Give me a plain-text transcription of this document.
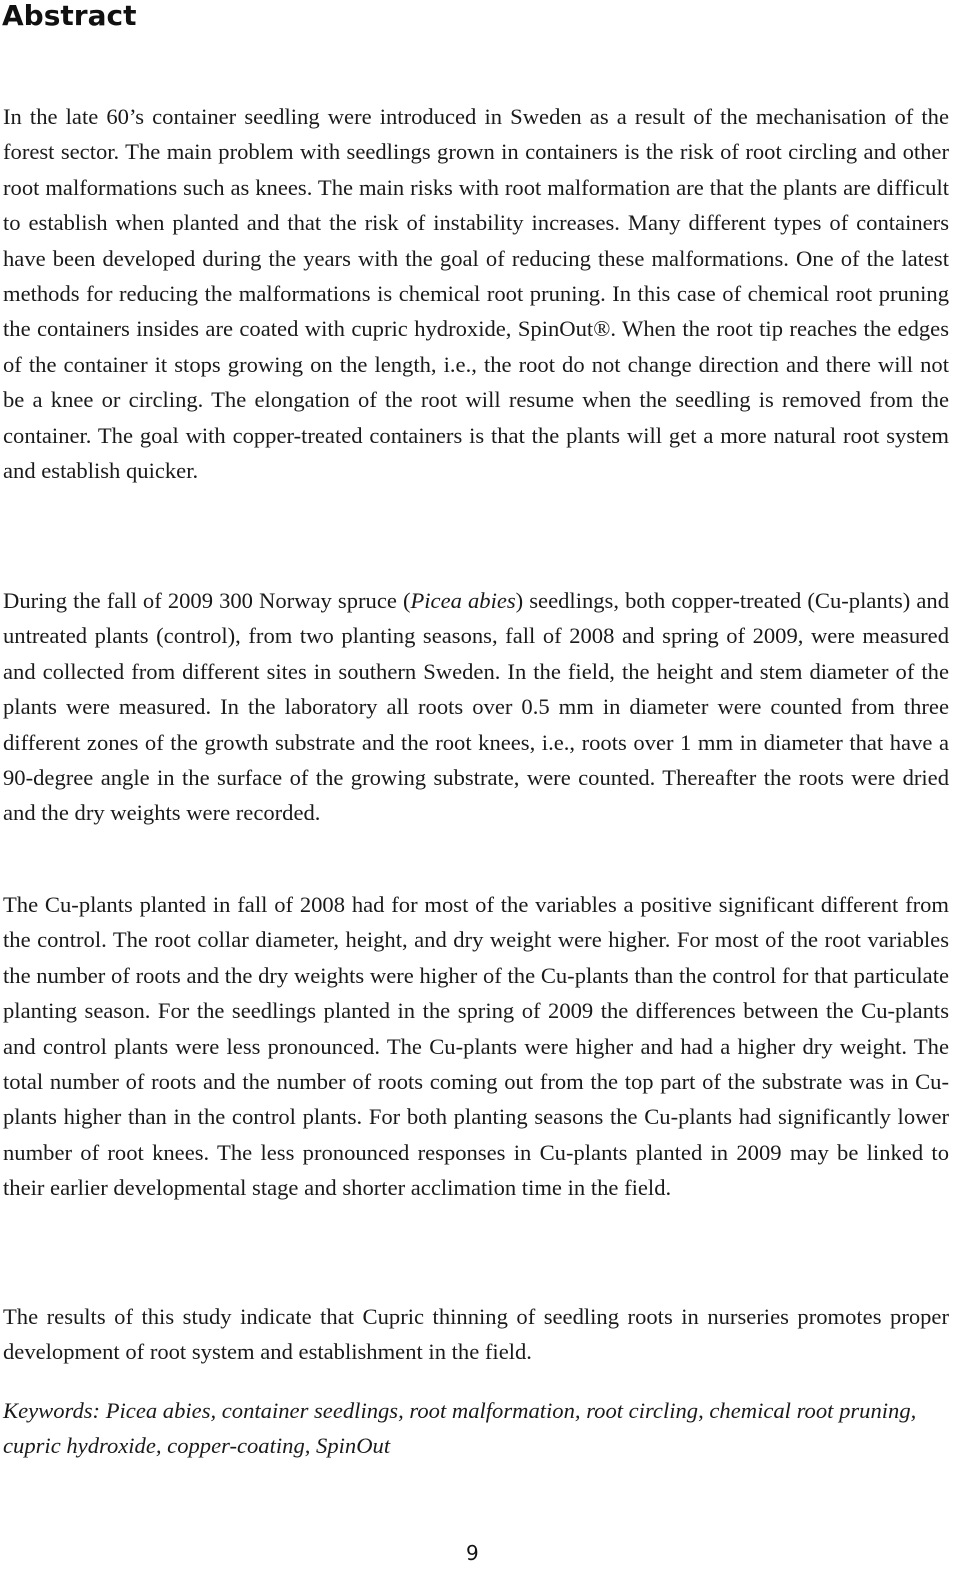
Abstract

In the late 60’s container seedling were introduced in Sweden as a result of the mechanisation of the forest sector. The main problem with seedlings grown in containers is the risk of root circling and other root malformations such as knees. The main risks with root malformation are that the plants are difficult to establish when planted and that the risk of instability increases. Many different types of containers have been developed during the years with the goal of reducing these malformations. One of the latest methods for reducing the malformations is chemical root pruning. In this case of chemical root pruning the containers insides are coated with cupric hydroxide, SpinOut®. When the root tip reaches the edges of the container it stops growing on the length, i.e., the root do not change direction and there will not be a knee or circling. The elongation of the root will resume when the seedling is removed from the container. The goal with copper-treated containers is that the plants will get a more natural root system and establish quicker.

During the fall of 2009 300 Norway spruce (Picea abies) seedlings, both copper-treated (Cu-plants) and untreated plants (control), from two planting seasons, fall of 2008 and spring of 2009, were measured and collected from different sites in southern Sweden. In the field, the height and stem diameter of the plants were measured. In the laboratory all roots over 0.5 mm in diameter were counted from three different zones of the growth substrate and the root knees, i.e., roots over 1 mm in diameter that have a 90-degree angle in the surface of the growing substrate, were counted. Thereafter the roots were dried and the dry weights were recorded.

The Cu-plants planted in fall of 2008 had for most of the variables a positive significant different from the control. The root collar diameter, height, and dry weight were higher. For most of the root variables the number of roots and the dry weights were higher of the Cu-plants than the control for that particulate planting season. For the seedlings planted in the spring of 2009 the differences between the Cu-plants and control plants were less pronounced. The Cu-plants were higher and had a higher dry weight. The total number of roots and the number of roots coming out from the top part of the substrate was in Cu-plants higher than in the control plants. For both planting seasons the Cu-plants had significantly lower number of root knees. The less pronounced responses in Cu-plants planted in 2009 may be linked to their earlier developmental stage and shorter acclimation time in the field.

The results of this study indicate that Cupric thinning of seedling roots in nurseries promotes proper development of root system and establishment in the field.

Keywords: Picea abies, container seedlings, root malformation, root circling, chemical root pruning, cupric hydroxide, copper-coating, SpinOut

9
